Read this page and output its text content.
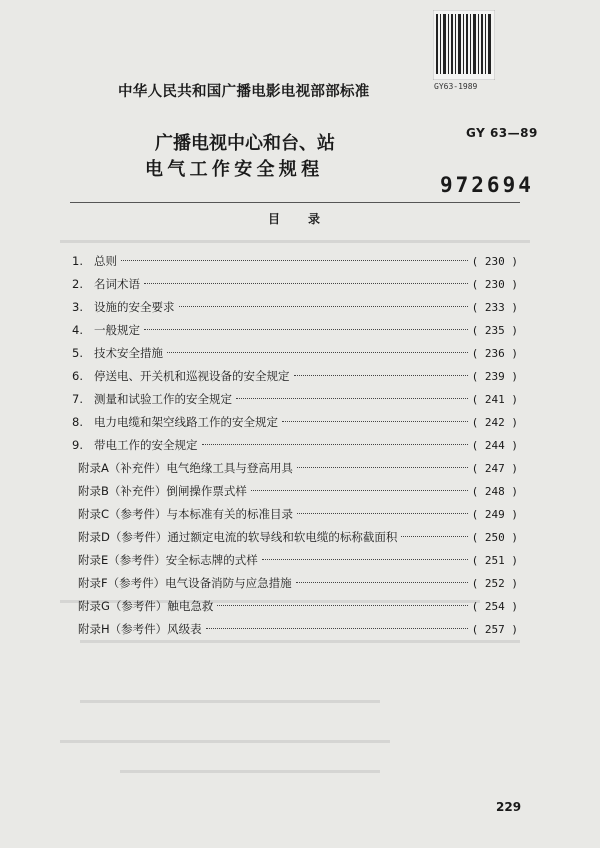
GY63-1989
中华人民共和国广播电影电视部部标准
GY 63—89
广播电视中心和台、站
电气工作安全规程
972694
目录
1. 总则	( 230 )
2. 名词术语	( 230 )
3. 设施的安全要求	( 233 )
4. 一般规定	( 235 )
5. 技术安全措施	( 236 )
6. 停送电、开关机和巡视设备的安全规定	( 239 )
7. 测量和试验工作的安全规定	( 241 )
8. 电力电缆和架空线路工作的安全规定	( 242 )
9. 带电工作的安全规定	( 244 )
附录A（补充件）电气绝缘工具与登高用具	( 247 )
附录B（补充件）倒闸操作票式样	( 248 )
附录C（参考件）与本标准有关的标准目录	( 249 )
附录D（参考件）通过额定电流的软导线和软电缆的标称截面积	( 250 )
附录E（参考件）安全标志牌的式样	( 251 )
附录F（参考件）电气设备消防与应急措施	( 252 )
附录G（参考件）触电急救	( 254 )
附录H（参考件）风级表	( 257 )
229
